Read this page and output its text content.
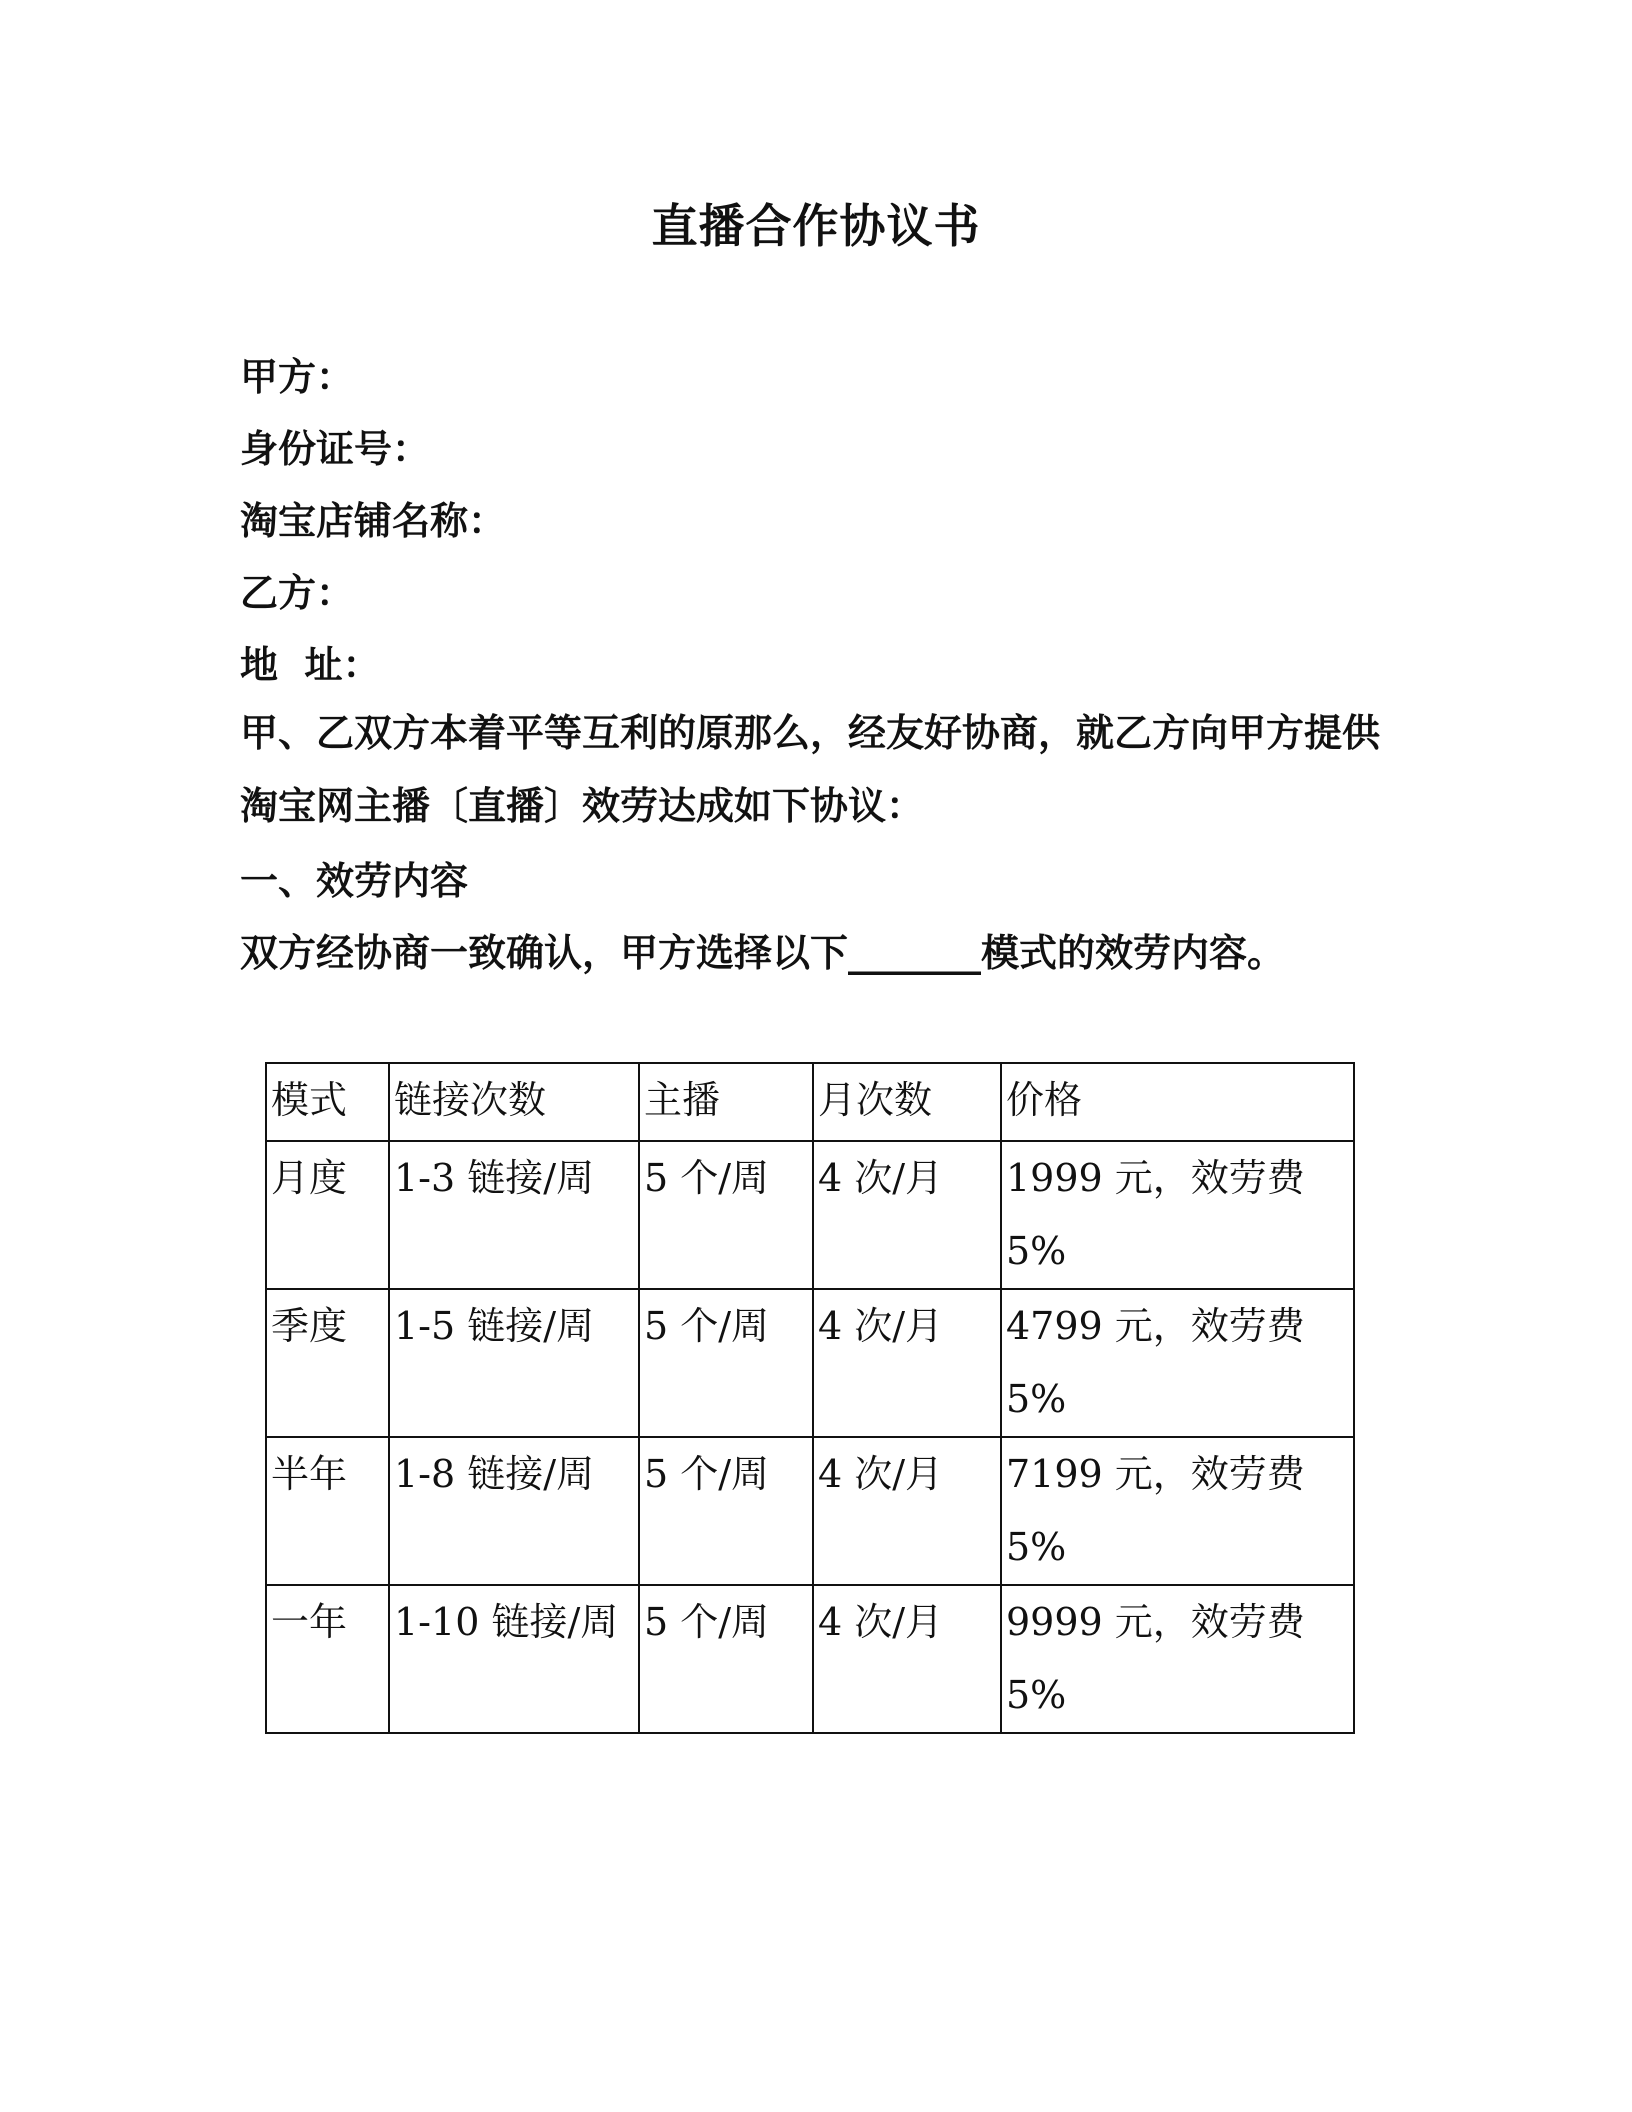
直播合作协议书
甲方：
身份证号：
淘宝店铺名称：
乙方：
地  址：
甲、乙双方本着平等互利的原那么，经友好协商，就乙方向甲方提供淘宝网主播〔直播〕效劳达成如下协议：
一、效劳内容
双方经协商一致确认，甲方选择以下_______模式的效劳内容。
模式	链接次数	主播	月次数	价格
月度	1-3 链接/周	5 个/周	4 次/月	1999 元，效劳费 5%
季度	1-5 链接/周	5 个/周	4 次/月	4799 元，效劳费 5%
半年	1-8 链接/周	5 个/周	4 次/月	7199 元，效劳费 5%
一年	1-10 链接/周	5 个/周	4 次/月	9999 元，效劳费 5%
